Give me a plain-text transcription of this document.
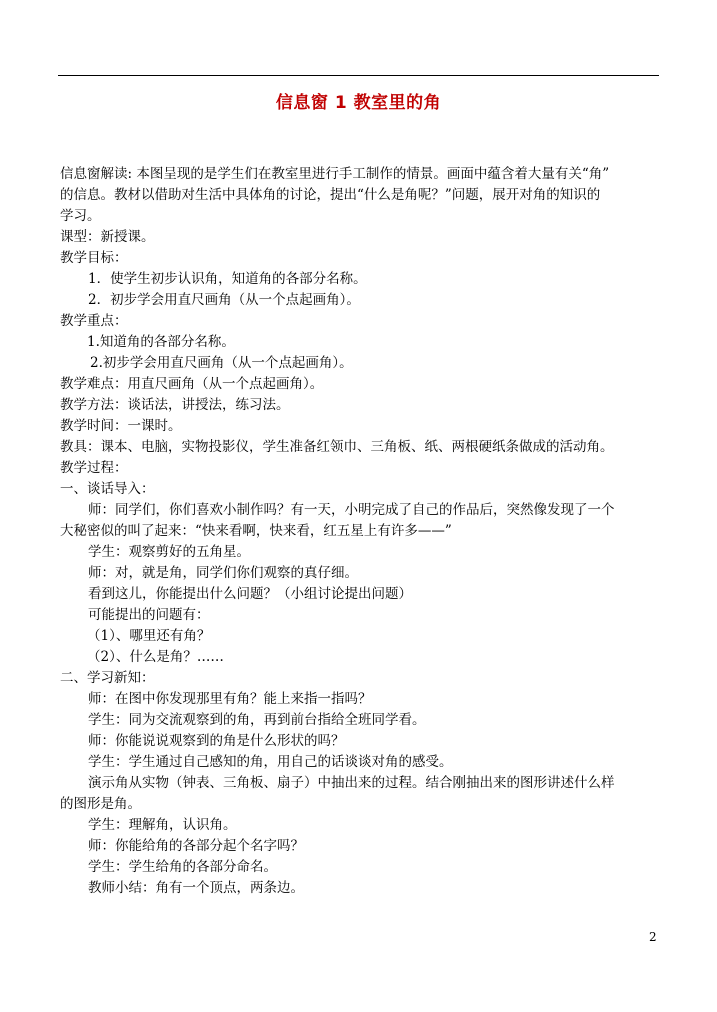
信息窗 1 教室里的角
信息窗解读: 本图呈现的是学生们在教室里进行手工制作的情景。画面中蕴含着大量有关“角”
的信息。教材以借助对生活中具体角的讨论，提出“什么是角呢？”问题，展开对角的知识的
学习。
课型：新授课。
教学目标：
1．使学生初步认识角，知道角的各部分名称。
2．初步学会用直尺画角（从一个点起画角）。
教学重点：
1.知道角的各部分名称。
2.初步学会用直尺画角（从一个点起画角）。
教学难点：用直尺画角（从一个点起画角）。
教学方法：谈话法，讲授法，练习法。
教学时间：一课时。
教具：课本、电脑，实物投影仪，学生准备红领巾、三角板、纸、两根硬纸条做成的活动角。
教学过程：
一、谈话导入：
师：同学们，你们喜欢小制作吗？有一天，小明完成了自己的作品后，突然像发现了一个
大秘密似的叫了起来：“快来看啊，快来看，红五星上有许多——”
学生：观察剪好的五角星。
师：对，就是角，同学们你们观察的真仔细。
看到这儿，你能提出什么问题？（小组讨论提出问题）
可能提出的问题有：
（1）、哪里还有角？
（2）、什么是角？……
二、学习新知：
师：在图中你发现那里有角？能上来指一指吗？
学生：同为交流观察到的角，再到前台指给全班同学看。
师：你能说说观察到的角是什么形状的吗？
学生：学生通过自己感知的角，用自己的话谈谈对角的感受。
演示角从实物（钟表、三角板、扇子）中抽出来的过程。结合刚抽出来的图形讲述什么样
的图形是角。
学生：理解角，认识角。
师：你能给角的各部分起个名字吗？
学生：学生给角的各部分命名。
教师小结：角有一个顶点，两条边。
2
